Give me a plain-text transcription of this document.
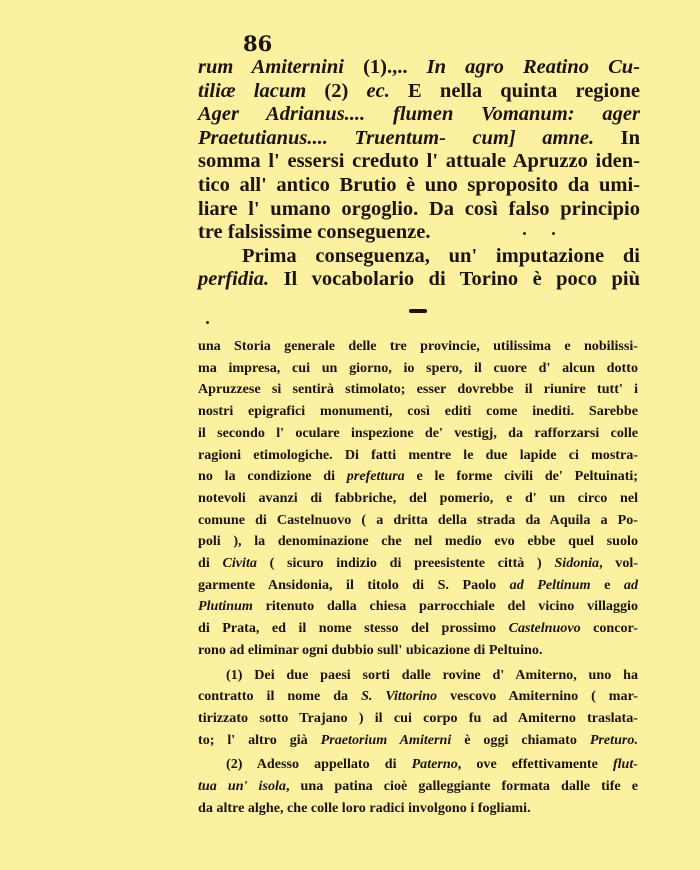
86
rum Amiternini (1).,.. In agro Reatino Cu-
tiliæ lacum (2) ec. E nella quinta regione
Ager Adrianus.... flumen Vomanum: ager
Praetutianus.... Truentum- cum] amne. In
somma l' essersi creduto l' attuale Apruzzo iden-
tico all' antico Brutio è uno sproposito da umi-
liare l' umano orgoglio. Da così falso principio
tre falsissime conseguenze.
Prima conseguenza, un' imputazione di
perfidia. Il vocabolario di Torino è poco più
una Storia generale delle tre provincie, utilissima e nobilissi-
ma impresa, cui un giorno, io spero, il cuore d' alcun dotto
Apruzzese si sentirà stimolato; esser dovrebbe il riunire tutt' i
nostri epigrafici monumenti, così editi come inediti. Sarebbe
il secondo l' oculare inspezione de' vestigj, da rafforzarsi colle
ragioni etimologiche. Di fatti mentre le due lapide ci mostra-
no la condizione di prefettura e le forme civili de' Peltuinati;
notevoli avanzi di fabbriche, del pomerio, e d' un circo nel
comune di Castelnuovo ( a dritta della strada da Aquila a Po-
poli ), la denominazione che nel medio evo ebbe quel suolo
di Civita ( sicuro indizio di preesistente città ) Sidonia, vol-
garmente Ansidonia, il titolo di S. Paolo ad Peltinum e ad
Plutinum ritenuto dalla chiesa parrocchiale del vicino villaggio
di Prata, ed il nome stesso del prossimo Castelnuovo concor-
rono ad eliminar ogni dubbio sull' ubicazione di Peltuino.
(1) Dei due paesi sorti dalle rovine d' Amiterno, uno ha
contratto il nome da S. Vittorino vescovo Amiternino ( mar-
tirizzato sotto Trajano ) il cui corpo fu ad Amiterno traslata-
to; l' altro già Praetorium Amiterni è oggi chiamato Preturo.
(2) Adesso appellato di Paterno, ove effettivamente flut-
tua un' isola, una patina cioè galleggiante formata dalle tife e
da altre alghe, che colle loro radici involgono i fogliami.
